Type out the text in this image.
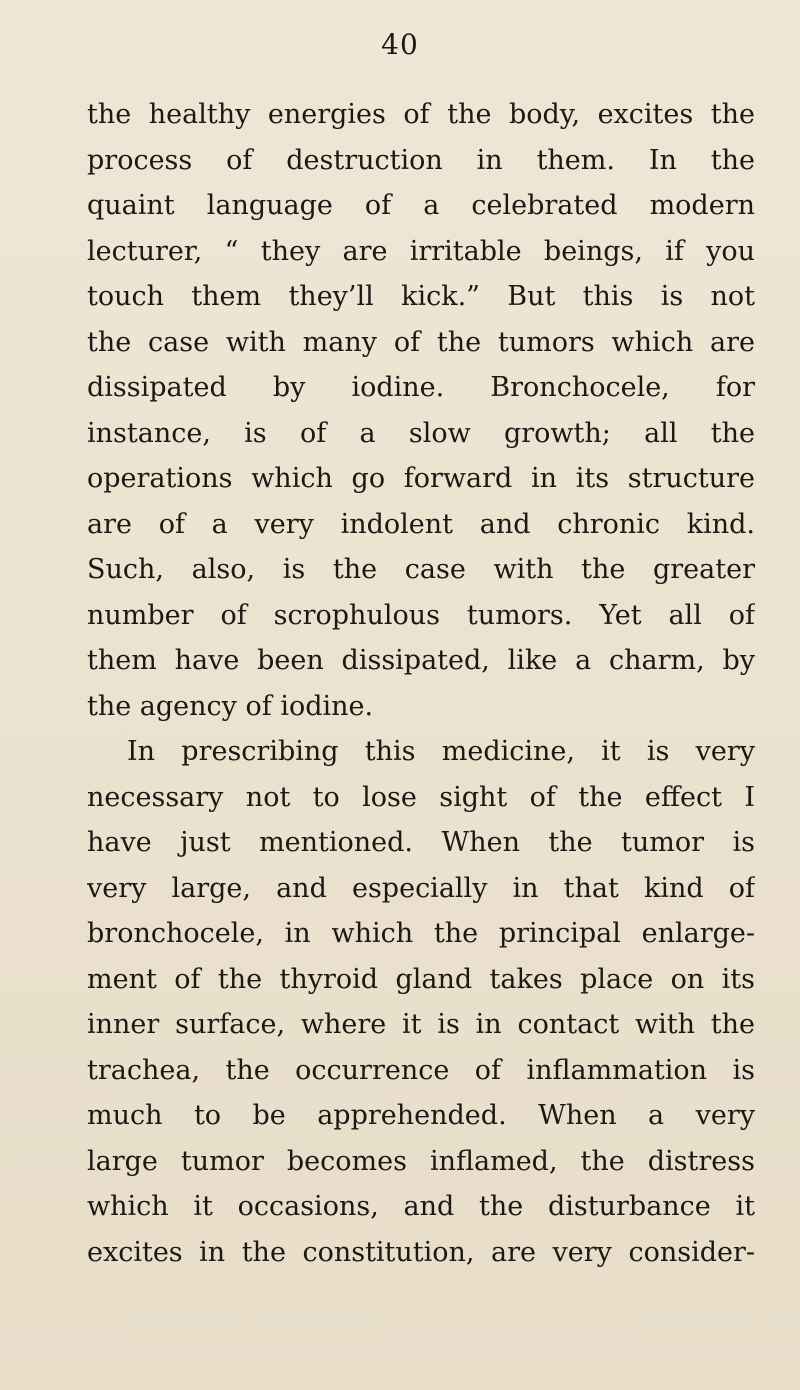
40
the healthy energies of the body, excites the
process of destruction in them. In the
quaint language of a celebrated modern
lecturer, “ they are irritable beings, if you
touch them they’ll kick.” But this is not
the case with many of the tumors which are
dissipated by iodine. Bronchocele, for
instance, is of a slow growth; all the
operations which go forward in its structure
are of a very indolent and chronic kind.
Such, also, is the case with the greater
number of scrophulous tumors. Yet all of
them have been dissipated, like a charm, by
the agency of iodine.
In prescribing this medicine, it is very
necessary not to lose sight of the effect I
have just mentioned. When the tumor is
very large, and especially in that kind of
bronchocele, in which the principal enlarge-
ment of the thyroid gland takes place on its
inner surface, where it is in contact with the
trachea, the occurrence of inflammation is
much to be apprehended. When a very
large tumor becomes inflamed, the distress
which it occasions, and the disturbance it
excites in the constitution, are very consider-
